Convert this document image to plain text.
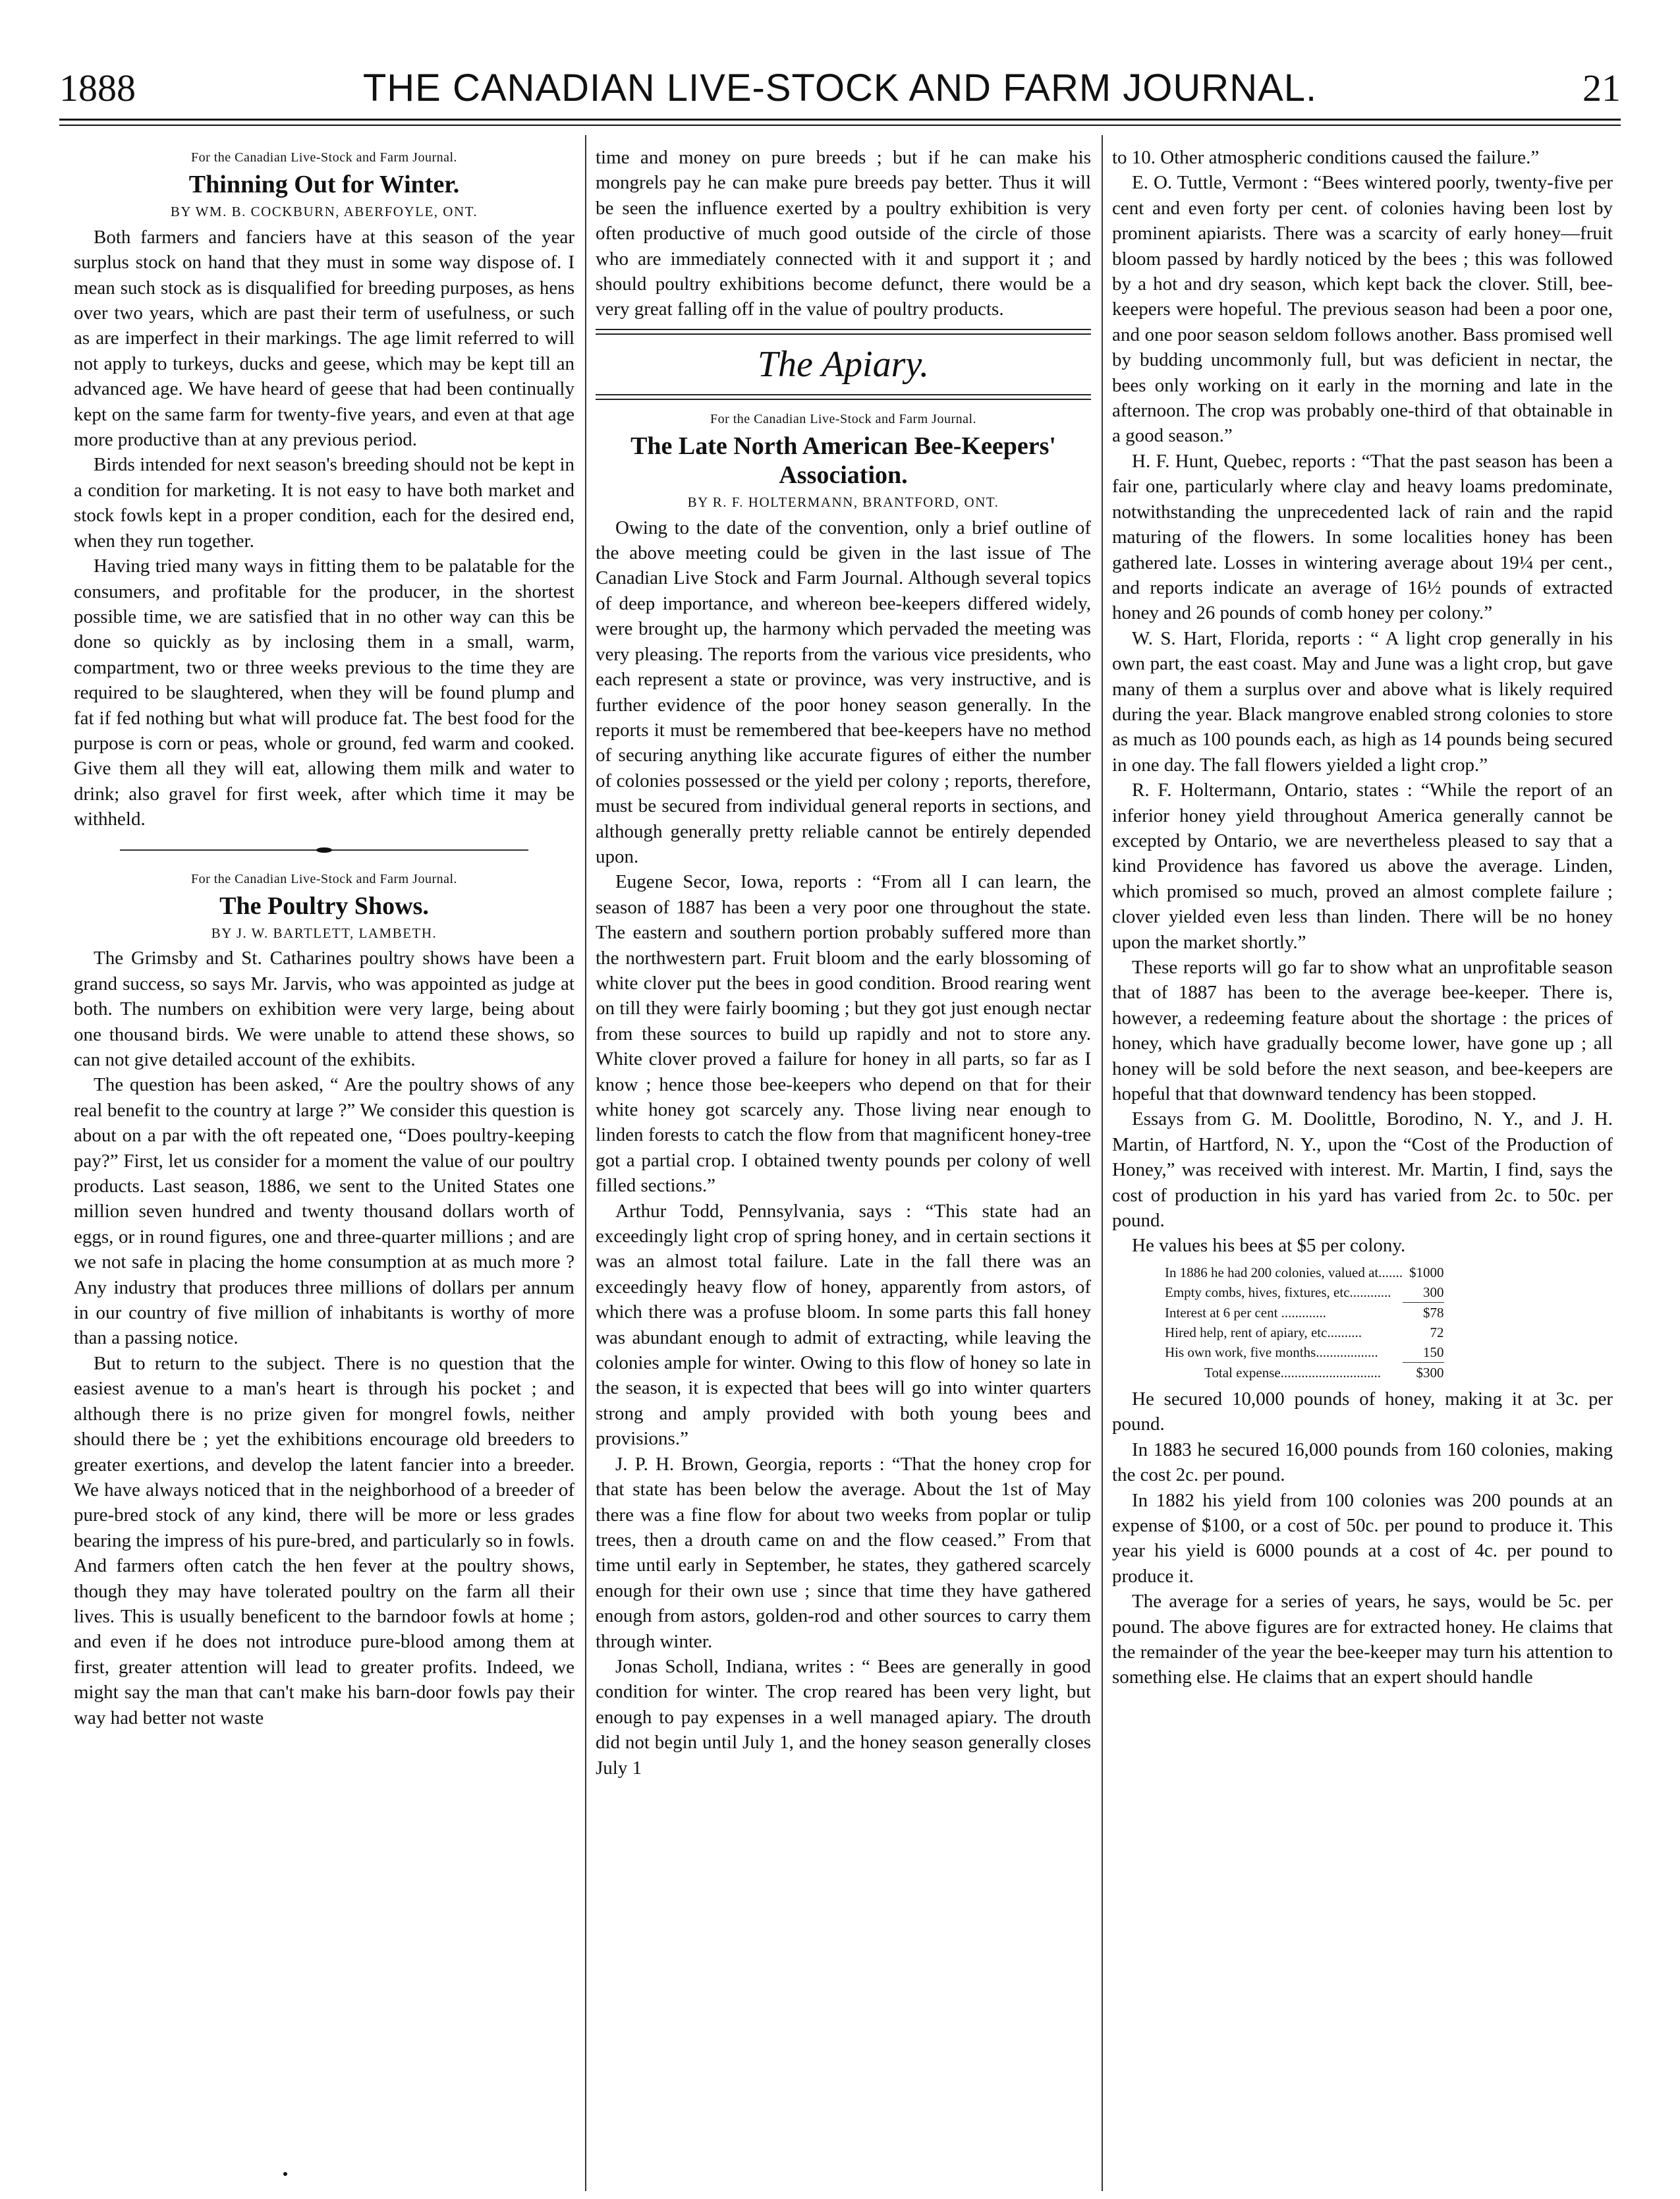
1888	THE CANADIAN LIVE-STOCK AND FARM JOURNAL.	21

For the Canadian Live-Stock and Farm Journal.

Thinning Out for Winter.

BY WM. B. COCKBURN, ABERFOYLE, ONT.

Both farmers and fanciers have at this season of the year surplus stock on hand that they must in some way dispose of. I mean such stock as is disqualified for breeding purposes, as hens over two years, which are past their term of usefulness, or such as are imperfect in their markings. The age limit referred to will not apply to turkeys, ducks and geese, which may be kept till an advanced age. We have heard of geese that had been continually kept on the same farm for twenty-five years, and even at that age more productive than at any previous period.

Birds intended for next season's breeding should not be kept in a condition for marketing. It is not easy to have both market and stock fowls kept in a proper condition, each for the desired end, when they run together.

Having tried many ways in fitting them to be palatable for the consumers, and profitable for the producer, in the shortest possible time, we are satisfied that in no other way can this be done so quickly as by inclosing them in a small, warm, compartment, two or three weeks previous to the time they are required to be slaughtered, when they will be found plump and fat if fed nothing but what will produce fat. The best food for the purpose is corn or peas, whole or ground, fed warm and cooked. Give them all they will eat, allowing them milk and water to drink; also gravel for first week, after which time it may be withheld.

For the Canadian Live-Stock and Farm Journal.

The Poultry Shows.

BY J. W. BARTLETT, LAMBETH.

The Grimsby and St. Catharines poultry shows have been a grand success, so says Mr. Jarvis, who was appointed as judge at both. The numbers on exhibition were very large, being about one thousand birds. We were unable to attend these shows, so can not give detailed account of the exhibits.

The question has been asked, “ Are the poultry shows of any real benefit to the country at large ?” We consider this question is about on a par with the oft repeated one, “Does poultry-keeping pay?” First, let us consider for a moment the value of our poultry products. Last season, 1886, we sent to the United States one million seven hundred and twenty thousand dollars worth of eggs, or in round figures, one and three-quarter millions ; and are we not safe in placing the home consumption at as much more ? Any industry that produces three millions of dollars per annum in our country of five million of inhabitants is worthy of more than a passing notice.

But to return to the subject. There is no question that the easiest avenue to a man's heart is through his pocket ; and although there is no prize given for mongrel fowls, neither should there be ; yet the exhibitions encourage old breeders to greater exertions, and develop the latent fancier into a breeder. We have always noticed that in the neighborhood of a breeder of pure-bred stock of any kind, there will be more or less grades bearing the impress of his pure-bred, and particularly so in fowls. And farmers often catch the hen fever at the poultry shows, though they may have tolerated poultry on the farm all their lives. This is usually beneficent to the barndoor fowls at home ; and even if he does not introduce pure-blood among them at first, greater attention will lead to greater profits. Indeed, we might say the man that can't make his barn-door fowls pay their way had better not waste

time and money on pure breeds ; but if he can make his mongrels pay he can make pure breeds pay better. Thus it will be seen the influence exerted by a poultry exhibition is very often productive of much good outside of the circle of those who are immediately connected with it and support it ; and should poultry exhibitions become defunct, there would be a very great falling off in the value of poultry products.

The Apiary.

For the Canadian Live-Stock and Farm Journal.

The Late North American Bee-Keepers' Association.

BY R. F. HOLTERMANN, BRANTFORD, ONT.

Owing to the date of the convention, only a brief outline of the above meeting could be given in the last issue of The Canadian Live Stock and Farm Journal. Although several topics of deep importance, and whereon bee-keepers differed widely, were brought up, the harmony which pervaded the meeting was very pleasing. The reports from the various vice presidents, who each represent a state or province, was very instructive, and is further evidence of the poor honey season generally. In the reports it must be remembered that bee-keepers have no method of securing anything like accurate figures of either the number of colonies possessed or the yield per colony ; reports, therefore, must be secured from individual general reports in sections, and although generally pretty reliable cannot be entirely depended upon.

Eugene Secor, Iowa, reports : “From all I can learn, the season of 1887 has been a very poor one throughout the state. The eastern and southern portion probably suffered more than the northwestern part. Fruit bloom and the early blossoming of white clover put the bees in good condition. Brood rearing went on till they were fairly booming ; but they got just enough nectar from these sources to build up rapidly and not to store any. White clover proved a failure for honey in all parts, so far as I know ; hence those bee-keepers who depend on that for their white honey got scarcely any. Those living near enough to linden forests to catch the flow from that magnificent honey-tree got a partial crop. I obtained twenty pounds per colony of well filled sections.”

Arthur Todd, Pennsylvania, says : “This state had an exceedingly light crop of spring honey, and in certain sections it was an almost total failure. Late in the fall there was an exceedingly heavy flow of honey, apparently from astors, of which there was a profuse bloom. In some parts this fall honey was abundant enough to admit of extracting, while leaving the colonies ample for winter. Owing to this flow of honey so late in the season, it is expected that bees will go into winter quarters strong and amply provided with both young bees and provisions.”

J. P. H. Brown, Georgia, reports : “That the honey crop for that state has been below the average. About the 1st of May there was a fine flow for about two weeks from poplar or tulip trees, then a drouth came on and the flow ceased.” From that time until early in September, he states, they gathered scarcely enough for their own use ; since that time they have gathered enough from astors, golden-rod and other sources to carry them through winter.

Jonas Scholl, Indiana, writes : “ Bees are generally in good condition for winter. The crop reared has been very light, but enough to pay expenses in a well managed apiary. The drouth did not begin until July 1, and the honey season generally closes July 1

to 10. Other atmospheric conditions caused the failure.”

E. O. Tuttle, Vermont : “Bees wintered poorly, twenty-five per cent and even forty per cent. of colonies having been lost by prominent apiarists. There was a scarcity of early honey—fruit bloom passed by hardly noticed by the bees ; this was followed by a hot and dry season, which kept back the clover. Still, bee-keepers were hopeful. The previous season had been a poor one, and one poor season seldom follows another. Bass promised well by budding uncommonly full, but was deficient in nectar, the bees only working on it early in the morning and late in the afternoon. The crop was probably one-third of that obtainable in a good season.”

H. F. Hunt, Quebec, reports : “That the past season has been a fair one, particularly where clay and heavy loams predominate, notwithstanding the unprecedented lack of rain and the rapid maturing of the flowers. In some localities honey has been gathered late. Losses in wintering average about 19¼ per cent., and reports indicate an average of 16½ pounds of extracted honey and 26 pounds of comb honey per colony.”

W. S. Hart, Florida, reports : “ A light crop generally in his own part, the east coast. May and June was a light crop, but gave many of them a surplus over and above what is likely required during the year. Black mangrove enabled strong colonies to store as much as 100 pounds each, as high as 14 pounds being secured in one day. The fall flowers yielded a light crop.”

R. F. Holtermann, Ontario, states : “While the report of an inferior honey yield throughout America generally cannot be excepted by Ontario, we are nevertheless pleased to say that a kind Providence has favored us above the average. Linden, which promised so much, proved an almost complete failure ; clover yielded even less than linden. There will be no honey upon the market shortly.”

These reports will go far to show what an unprofitable season that of 1887 has been to the average bee-keeper. There is, however, a redeeming feature about the shortage : the prices of honey, which have gradually become lower, have gone up ; all honey will be sold before the next season, and bee-keepers are hopeful that that downward tendency has been stopped.

Essays from G. M. Doolittle, Borodino, N. Y., and J. H. Martin, of Hartford, N. Y., upon the “Cost of the Production of Honey,” was received with interest. Mr. Martin, I find, says the cost of production in his yard has varied from 2c. to 50c. per pound.

He values his bees at $5 per colony.

In 1886 he had 200 colonies, valued at.......	$1000
Empty combs, hives, fixtures, etc............	300
Interest at 6 per cent .............	$78
Hired help, rent of apiary, etc..........	72
His own work, five months..................	150
Total expense.............................	$300

He secured 10,000 pounds of honey, making it at 3c. per pound.

In 1883 he secured 16,000 pounds from 160 colonies, making the cost 2c. per pound.

In 1882 his yield from 100 colonies was 200 pounds at an expense of $100, or a cost of 50c. per pound to produce it. This year his yield is 6000 pounds at a cost of 4c. per pound to produce it.

The average for a series of years, he says, would be 5c. per pound. The above figures are for extracted honey. He claims that the remainder of the year the bee-keeper may turn his attention to something else. He claims that an expert should handle
